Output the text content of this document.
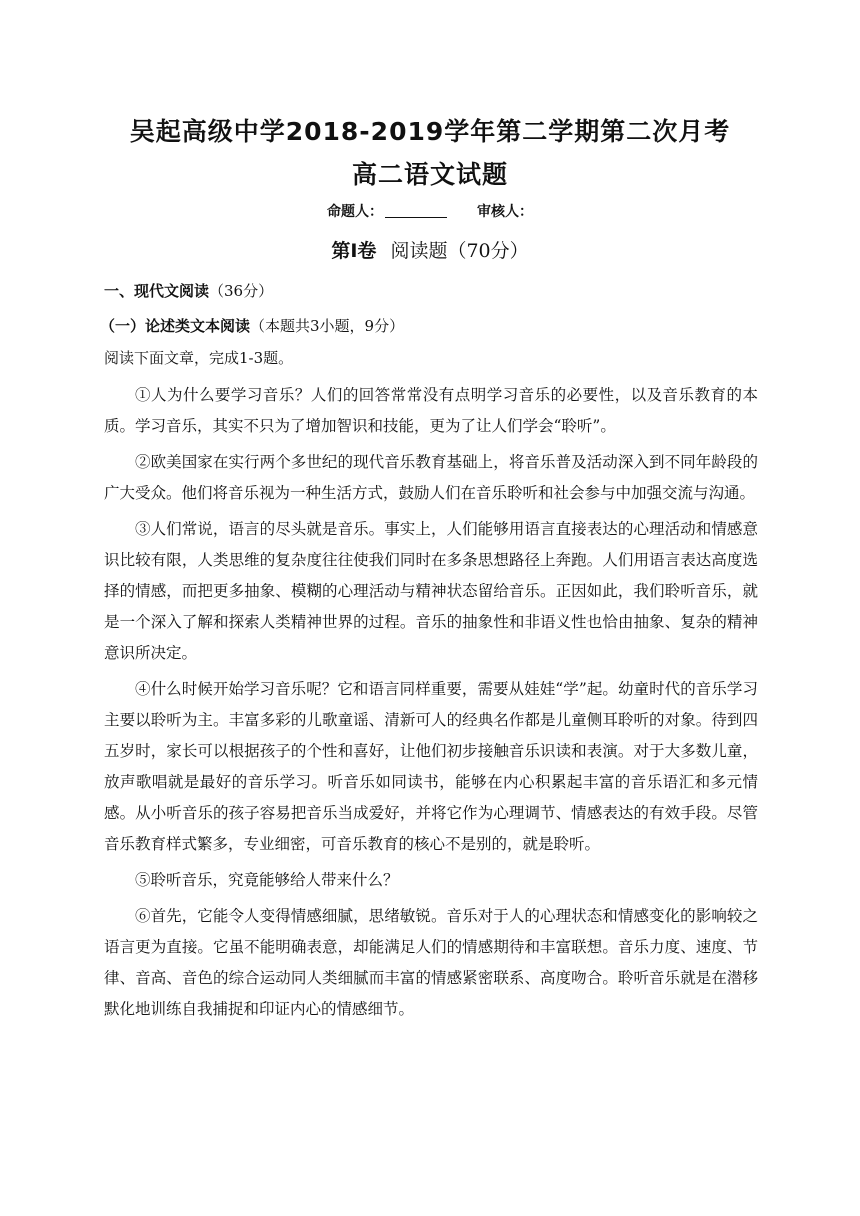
吴起高级中学2018-2019学年第二学期第二次月考
高二语文试题
命题人：	审核人：
第Ⅰ卷 阅读题（70分）
一、现代文阅读（36分）
（一）论述类文本阅读（本题共3小题，9分）
阅读下面文章，完成1-3题。

①人为什么要学习音乐？人们的回答常常没有点明学习音乐的必要性，以及音乐教育的本质。学习音乐，其实不只为了增加智识和技能，更为了让人们学会“聆听”。

②欧美国家在实行两个多世纪的现代音乐教育基础上，将音乐普及活动深入到不同年龄段的广大受众。他们将音乐视为一种生活方式，鼓励人们在音乐聆听和社会参与中加强交流与沟通。

③人们常说，语言的尽头就是音乐。事实上，人们能够用语言直接表达的心理活动和情感意识比较有限，人类思维的复杂度往往使我们同时在多条思想路径上奔跑。人们用语言表达高度选择的情感，而把更多抽象、模糊的心理活动与精神状态留给音乐。正因如此，我们聆听音乐，就是一个深入了解和探索人类精神世界的过程。音乐的抽象性和非语义性也恰由抽象、复杂的精神意识所决定。

④什么时候开始学习音乐呢？它和语言同样重要，需要从娃娃“学”起。幼童时代的音乐学习主要以聆听为主。丰富多彩的儿歌童谣、清新可人的经典名作都是儿童侧耳聆听的对象。待到四五岁时，家长可以根据孩子的个性和喜好，让他们初步接触音乐识读和表演。对于大多数儿童，放声歌唱就是最好的音乐学习。听音乐如同读书，能够在内心积累起丰富的音乐语汇和多元情感。从小听音乐的孩子容易把音乐当成爱好，并将它作为心理调节、情感表达的有效手段。尽管音乐教育样式繁多，专业细密，可音乐教育的核心不是别的，就是聆听。

⑤聆听音乐，究竟能够给人带来什么？

⑥首先，它能令人变得情感细腻，思绪敏锐。音乐对于人的心理状态和情感变化的影响较之语言更为直接。它虽不能明确表意，却能满足人们的情感期待和丰富联想。音乐力度、速度、节律、音高、音色的综合运动同人类细腻而丰富的情感紧密联系、高度吻合。聆听音乐就是在潜移默化地训练自我捕捉和印证内心的情感细节。
